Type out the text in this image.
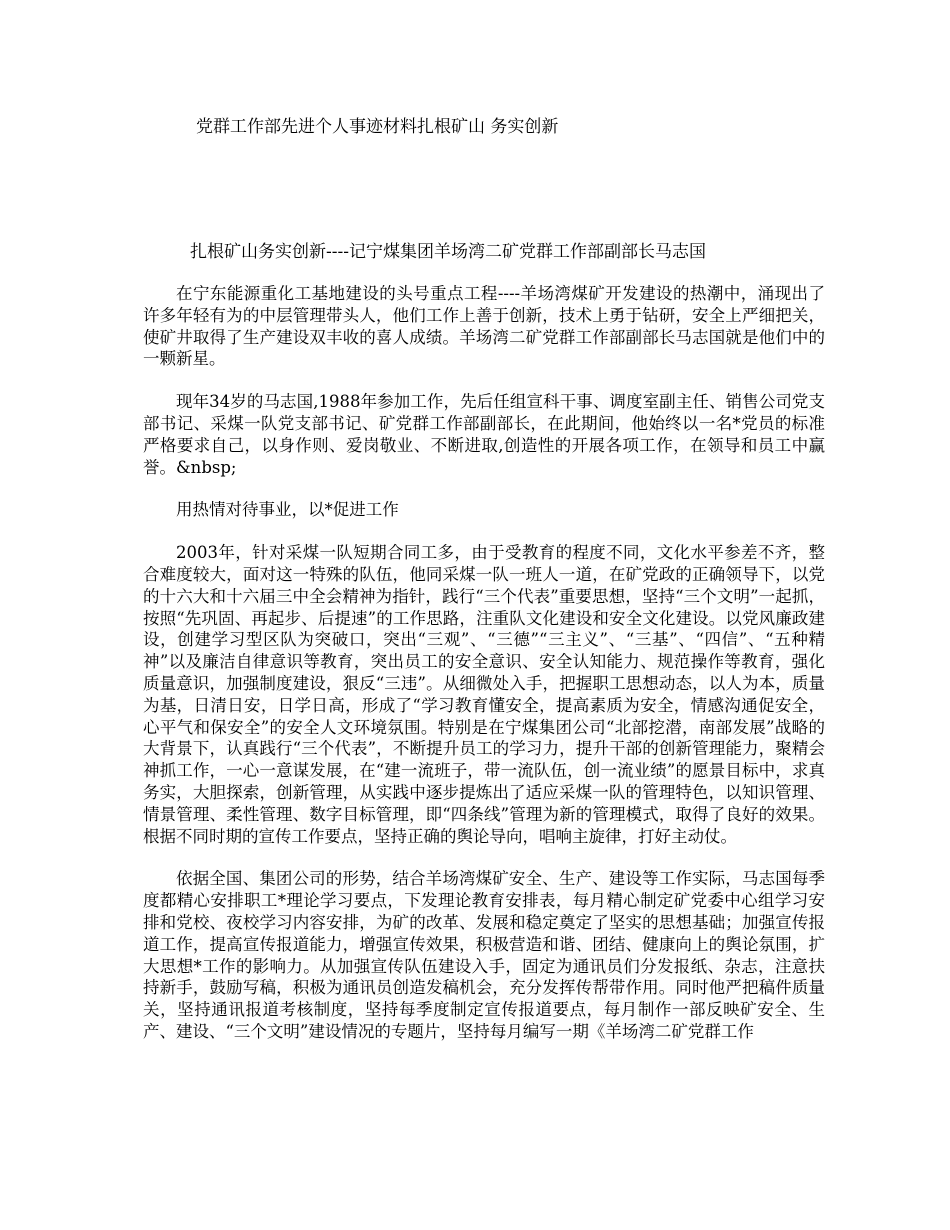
党群工作部先进个人事迹材料扎根矿山 务实创新
扎根矿山务实创新----记宁煤集团羊场湾二矿党群工作部副部长马志国

在宁东能源重化工基地建设的头号重点工程----羊场湾煤矿开发建设的热潮中，涌现出了许多年轻有为的中层管理带头人，他们工作上善于创新，技术上勇于钻研，安全上严细把关，使矿井取得了生产建设双丰收的喜人成绩。羊场湾二矿党群工作部副部长马志国就是他们中的一颗新星。

现年34岁的马志国,1988年参加工作，先后任组宣科干事、调度室副主任、销售公司党支部书记、采煤一队党支部书记、矿党群工作部副部长，在此期间，他始终以一名*党员的标准严格要求自己，以身作则、爱岗敬业、不断进取,创造性的开展各项工作，在领导和员工中赢誉。&nbsp;

用热情对待事业，以*促进工作

2003年，针对采煤一队短期合同工多，由于受教育的程度不同，文化水平参差不齐，整合难度较大，面对这一特殊的队伍，他同采煤一队一班人一道，在矿党政的正确领导下，以党的十六大和十六届三中全会精神为指针，践行“三个代表”重要思想，坚持“三个文明”一起抓，按照“先巩固、再起步、后提速”的工作思路，注重队文化建设和安全文化建设。以党风廉政建设，创建学习型区队为突破口，突出“三观”、“三德”“三主义”、“三基”、“四信”、“五种精神”以及廉洁自律意识等教育，突出员工的安全意识、安全认知能力、规范操作等教育，强化质量意识，加强制度建设，狠反“三违”。从细微处入手，把握职工思想动态，以人为本，质量为基，日清日安，日学日高，形成了“学习教育懂安全，提高素质为安全，情感沟通促安全，心平气和保安全”的安全人文环境氛围。特别是在宁煤集团公司“北部挖潜，南部发展”战略的大背景下，认真践行“三个代表”，不断提升员工的学习力，提升干部的创新管理能力，聚精会神抓工作，一心一意谋发展，在“建一流班子，带一流队伍，创一流业绩”的愿景目标中，求真务实，大胆探索，创新管理，从实践中逐步提炼出了适应采煤一队的管理特色，以知识管理、情景管理、柔性管理、数字目标管理，即“四条线”管理为新的管理模式，取得了良好的效果。根据不同时期的宣传工作要点，坚持正确的舆论导向，唱响主旋律，打好主动仗。

依据全国、集团公司的形势，结合羊场湾煤矿安全、生产、建设等工作实际，马志国每季度都精心安排职工*理论学习要点，下发理论教育安排表，每月精心制定矿党委中心组学习安排和党校、夜校学习内容安排，为矿的改革、发展和稳定奠定了坚实的思想基础；加强宣传报道工作，提高宣传报道能力，增强宣传效果，积极营造和谐、团结、健康向上的舆论氛围，扩大思想*工作的影响力。从加强宣传队伍建设入手，固定为通讯员们分发报纸、杂志，注意扶持新手，鼓励写稿，积极为通讯员创造发稿机会，充分发挥传帮带作用。同时他严把稿件质量关，坚持通讯报道考核制度，坚持每季度制定宣传报道要点，每月制作一部反映矿安全、生产、建设、“三个文明”建设情况的专题片，坚持每月编写一期《羊场湾二矿党群工作
